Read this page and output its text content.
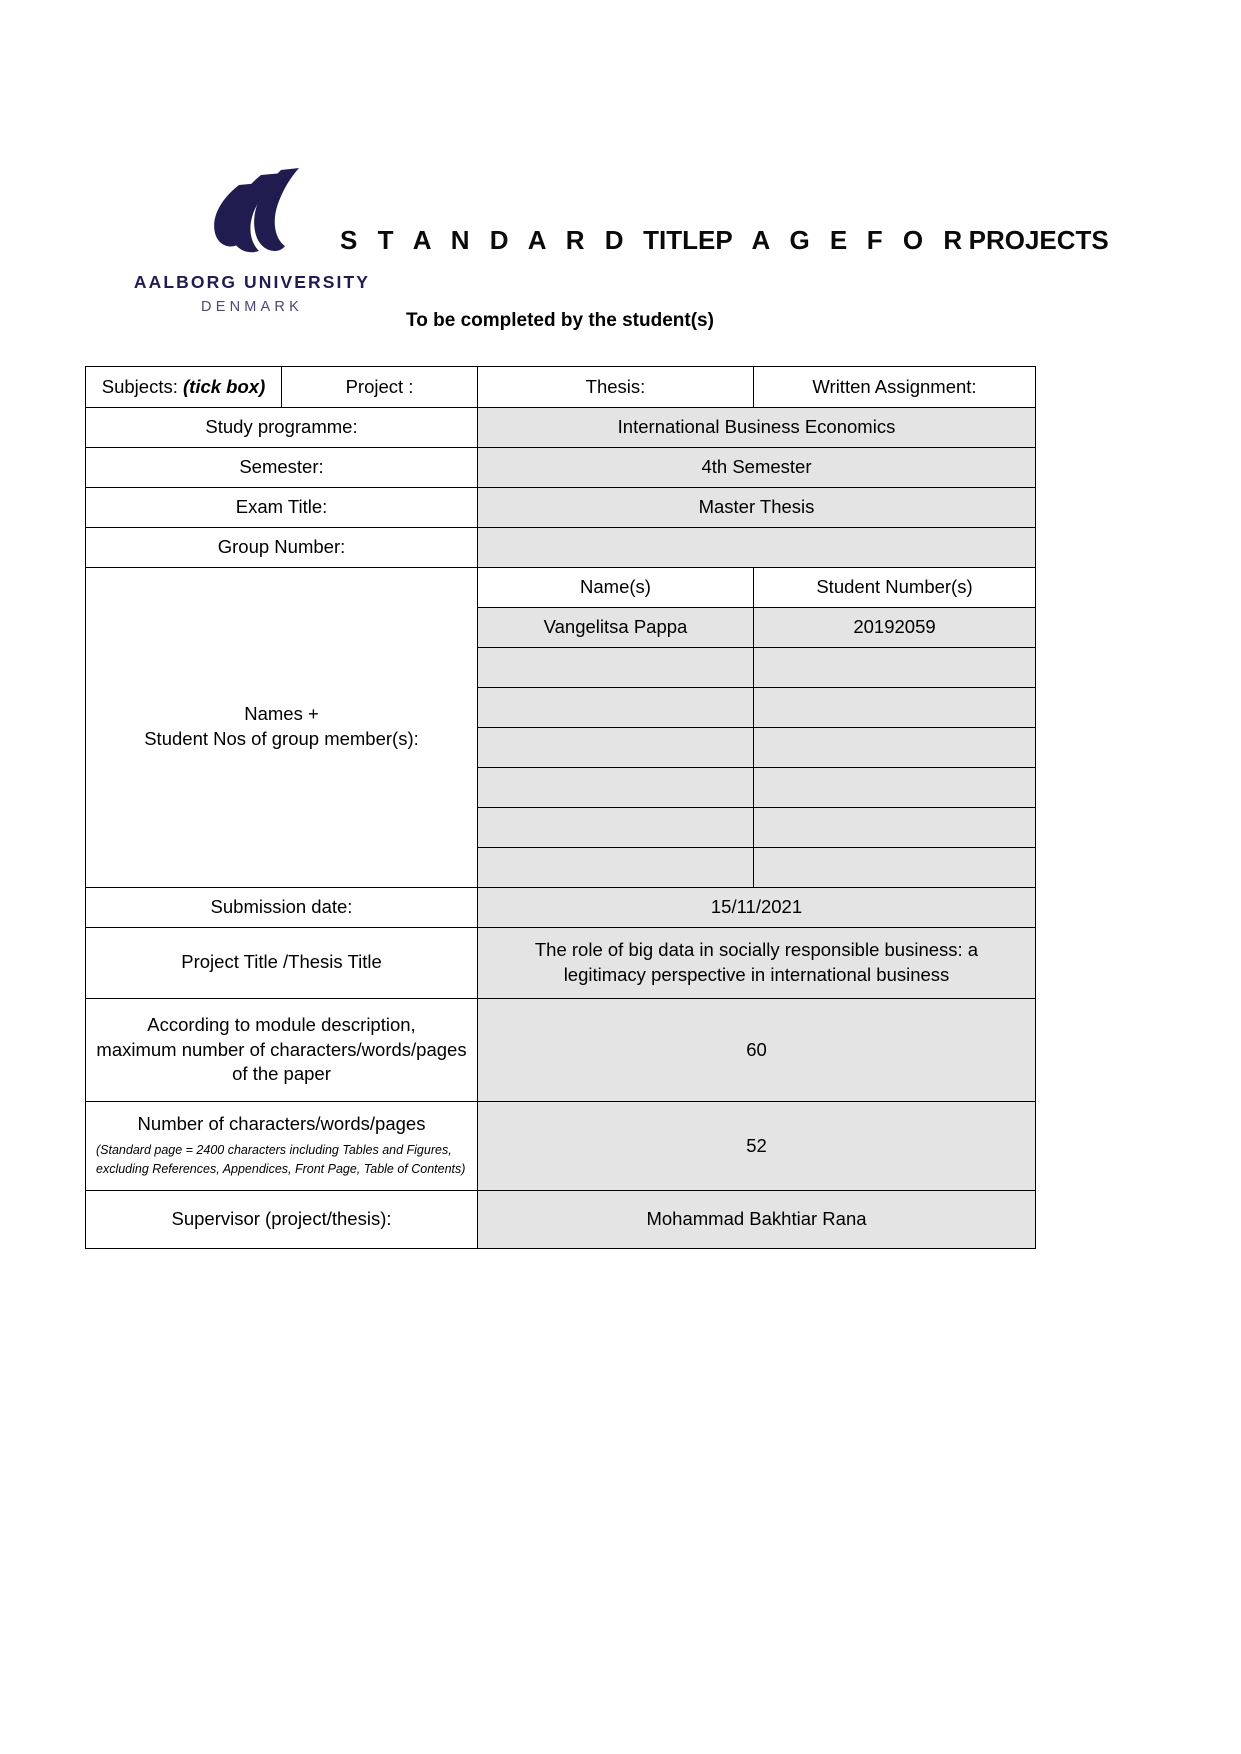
AALBORG UNIVERSITY
DENMARK
S T A N D A R D TITLEP A G E F O RPROJECTS
To be completed by the student(s)
Subjects: (tick box)	Project :	Thesis:	Written Assignment:
Study programme:		International Business Economics	
Semester:		4th Semester	
Exam Title:		Master Thesis	
Group Number:			
Names +
Student Nos of group member(s):		Name(s)	Student Number(s)
		Vangelitsa Pappa	20192059

Submission date:		15/11/2021	
Project Title /Thesis Title		The role of big data in socially responsible business: a legitimacy perspective in international business	
According to module description,
maximum number of characters/words/pages
of the paper		60	
Number of characters/words/pages
(Standard page = 2400 characters including Tables and Figures, excluding References, Appendices, Front Page, Table of Contents)		52	
Supervisor (project/thesis):		Mohammad Bakhtiar Rana	
